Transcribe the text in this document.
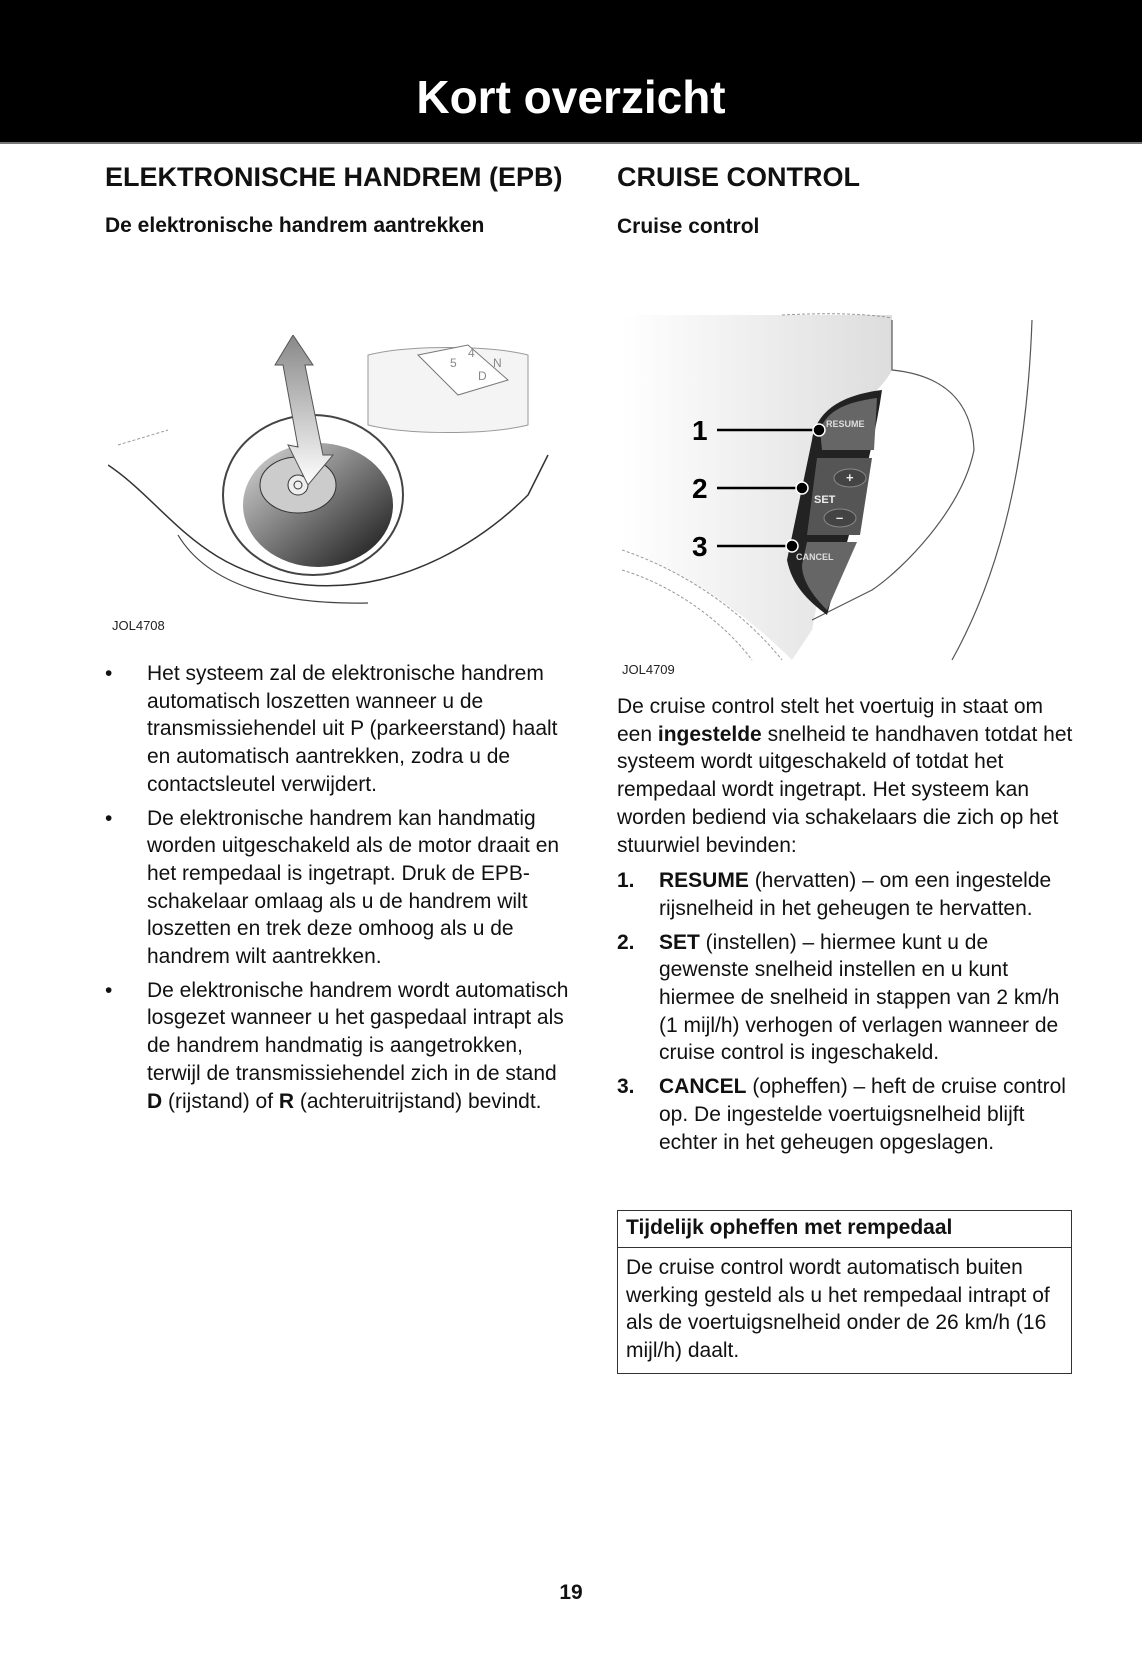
Kort overzicht
ELEKTRONISCHE HANDREM (EPB)
De elektronische handrem aantrekken
4
N
5
D
JOL4708
• Het systeem zal de elektronische handrem automatisch loszetten wanneer u de transmissiehendel uit P (parkeerstand) haalt en automatisch aantrekken, zodra u de contactsleutel verwijdert.
• De elektronische handrem kan handmatig worden uitgeschakeld als de motor draait en het rempedaal is ingetrapt. Druk de EPB-schakelaar omlaag als u de handrem wilt loszetten en trek deze omhoog als u de handrem wilt aantrekken.
• De elektronische handrem wordt automatisch losgezet wanneer u het gaspedaal intrapt als de handrem handmatig is aangetrokken, terwijl de transmissiehendel zich in de stand D (rijstand) of R (achteruitrijstand) bevindt.
CRUISE CONTROL
Cruise control
RESUME
+
SET
–
CANCEL
1
2
3
JOL4709

De cruise control stelt het voertuig in staat om een ingestelde snelheid te handhaven totdat het systeem wordt uitgeschakeld of totdat het rempedaal wordt ingetrapt. Het systeem kan worden bediend via schakelaars die zich op het stuurwiel bevinden:

1. RESUME (hervatten) – om een ingestelde rijsnelheid in het geheugen te hervatten.
2. SET (instellen) – hiermee kunt u de gewenste snelheid instellen en u kunt hiermee de snelheid in stappen van 2 km/h (1 mijl/h) verhogen of verlagen wanneer de cruise control is ingeschakeld.
3. CANCEL (opheffen) – heft de cruise control op. De ingestelde voertuigsnelheid blijft echter in het geheugen opgeslagen.
Tijdelijk opheffen met rempedaal
De cruise control wordt automatisch buiten werking gesteld als u het rempedaal intrapt of als de voertuigsnelheid onder de 26 km/h (16 mijl/h) daalt.
19
